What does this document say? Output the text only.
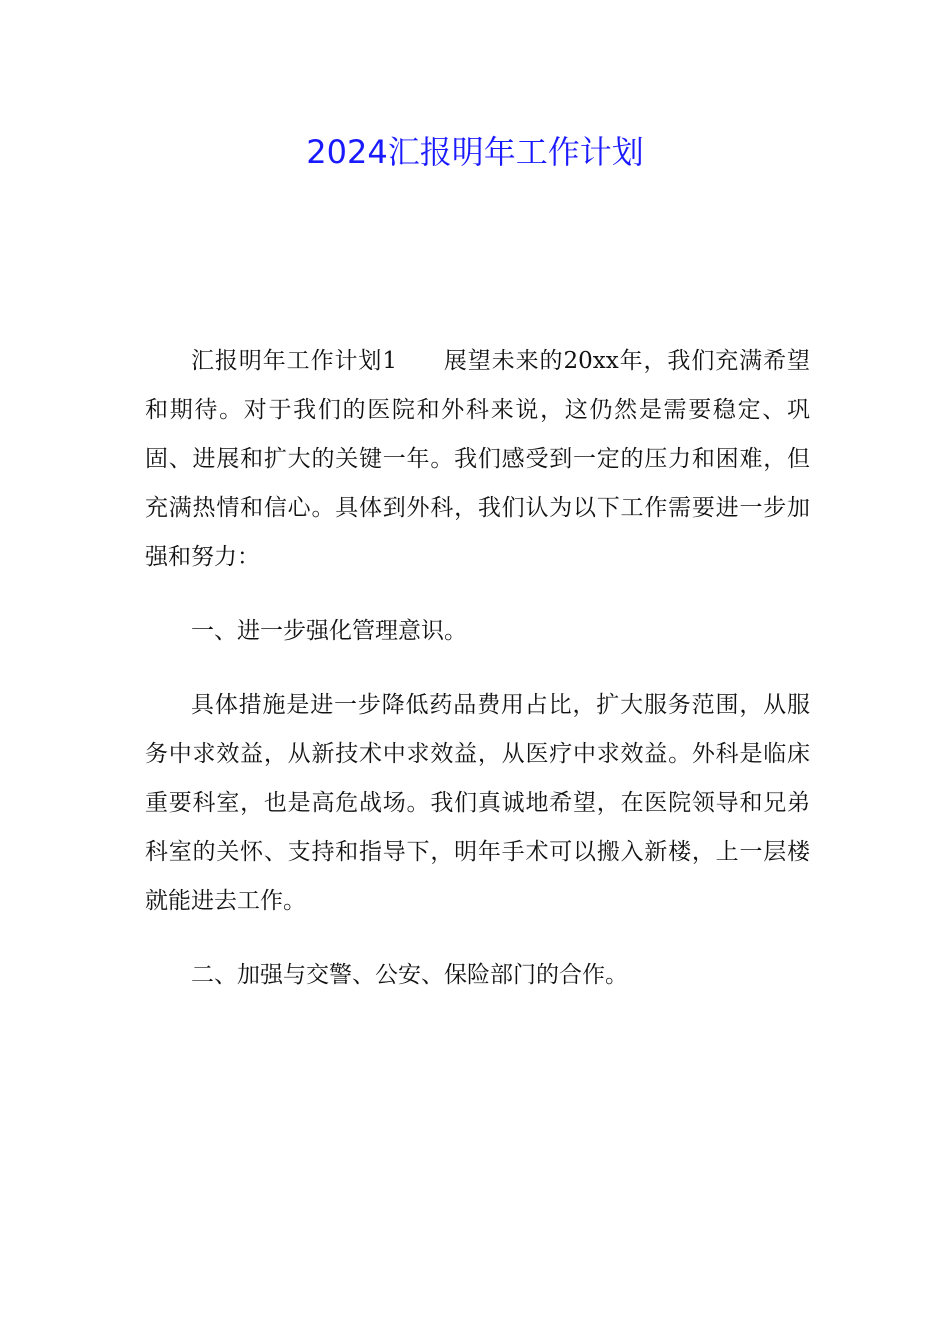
2024汇报明年工作计划

汇报明年工作计划1 展望未来的20xx年，我们充满希望和期待。对于我们的医院和外科来说，这仍然是需要稳定、巩固、进展和扩大的关键一年。我们感受到一定的压力和困难，但充满热情和信心。具体到外科，我们认为以下工作需要进一步加强和努力：

一、进一步强化管理意识。

具体措施是进一步降低药品费用占比，扩大服务范围，从服务中求效益，从新技术中求效益，从医疗中求效益。外科是临床重要科室，也是高危战场。我们真诚地希望，在医院领导和兄弟科室的关怀、支持和指导下，明年手术可以搬入新楼，上一层楼就能进去工作。

二、加强与交警、公安、保险部门的合作。
